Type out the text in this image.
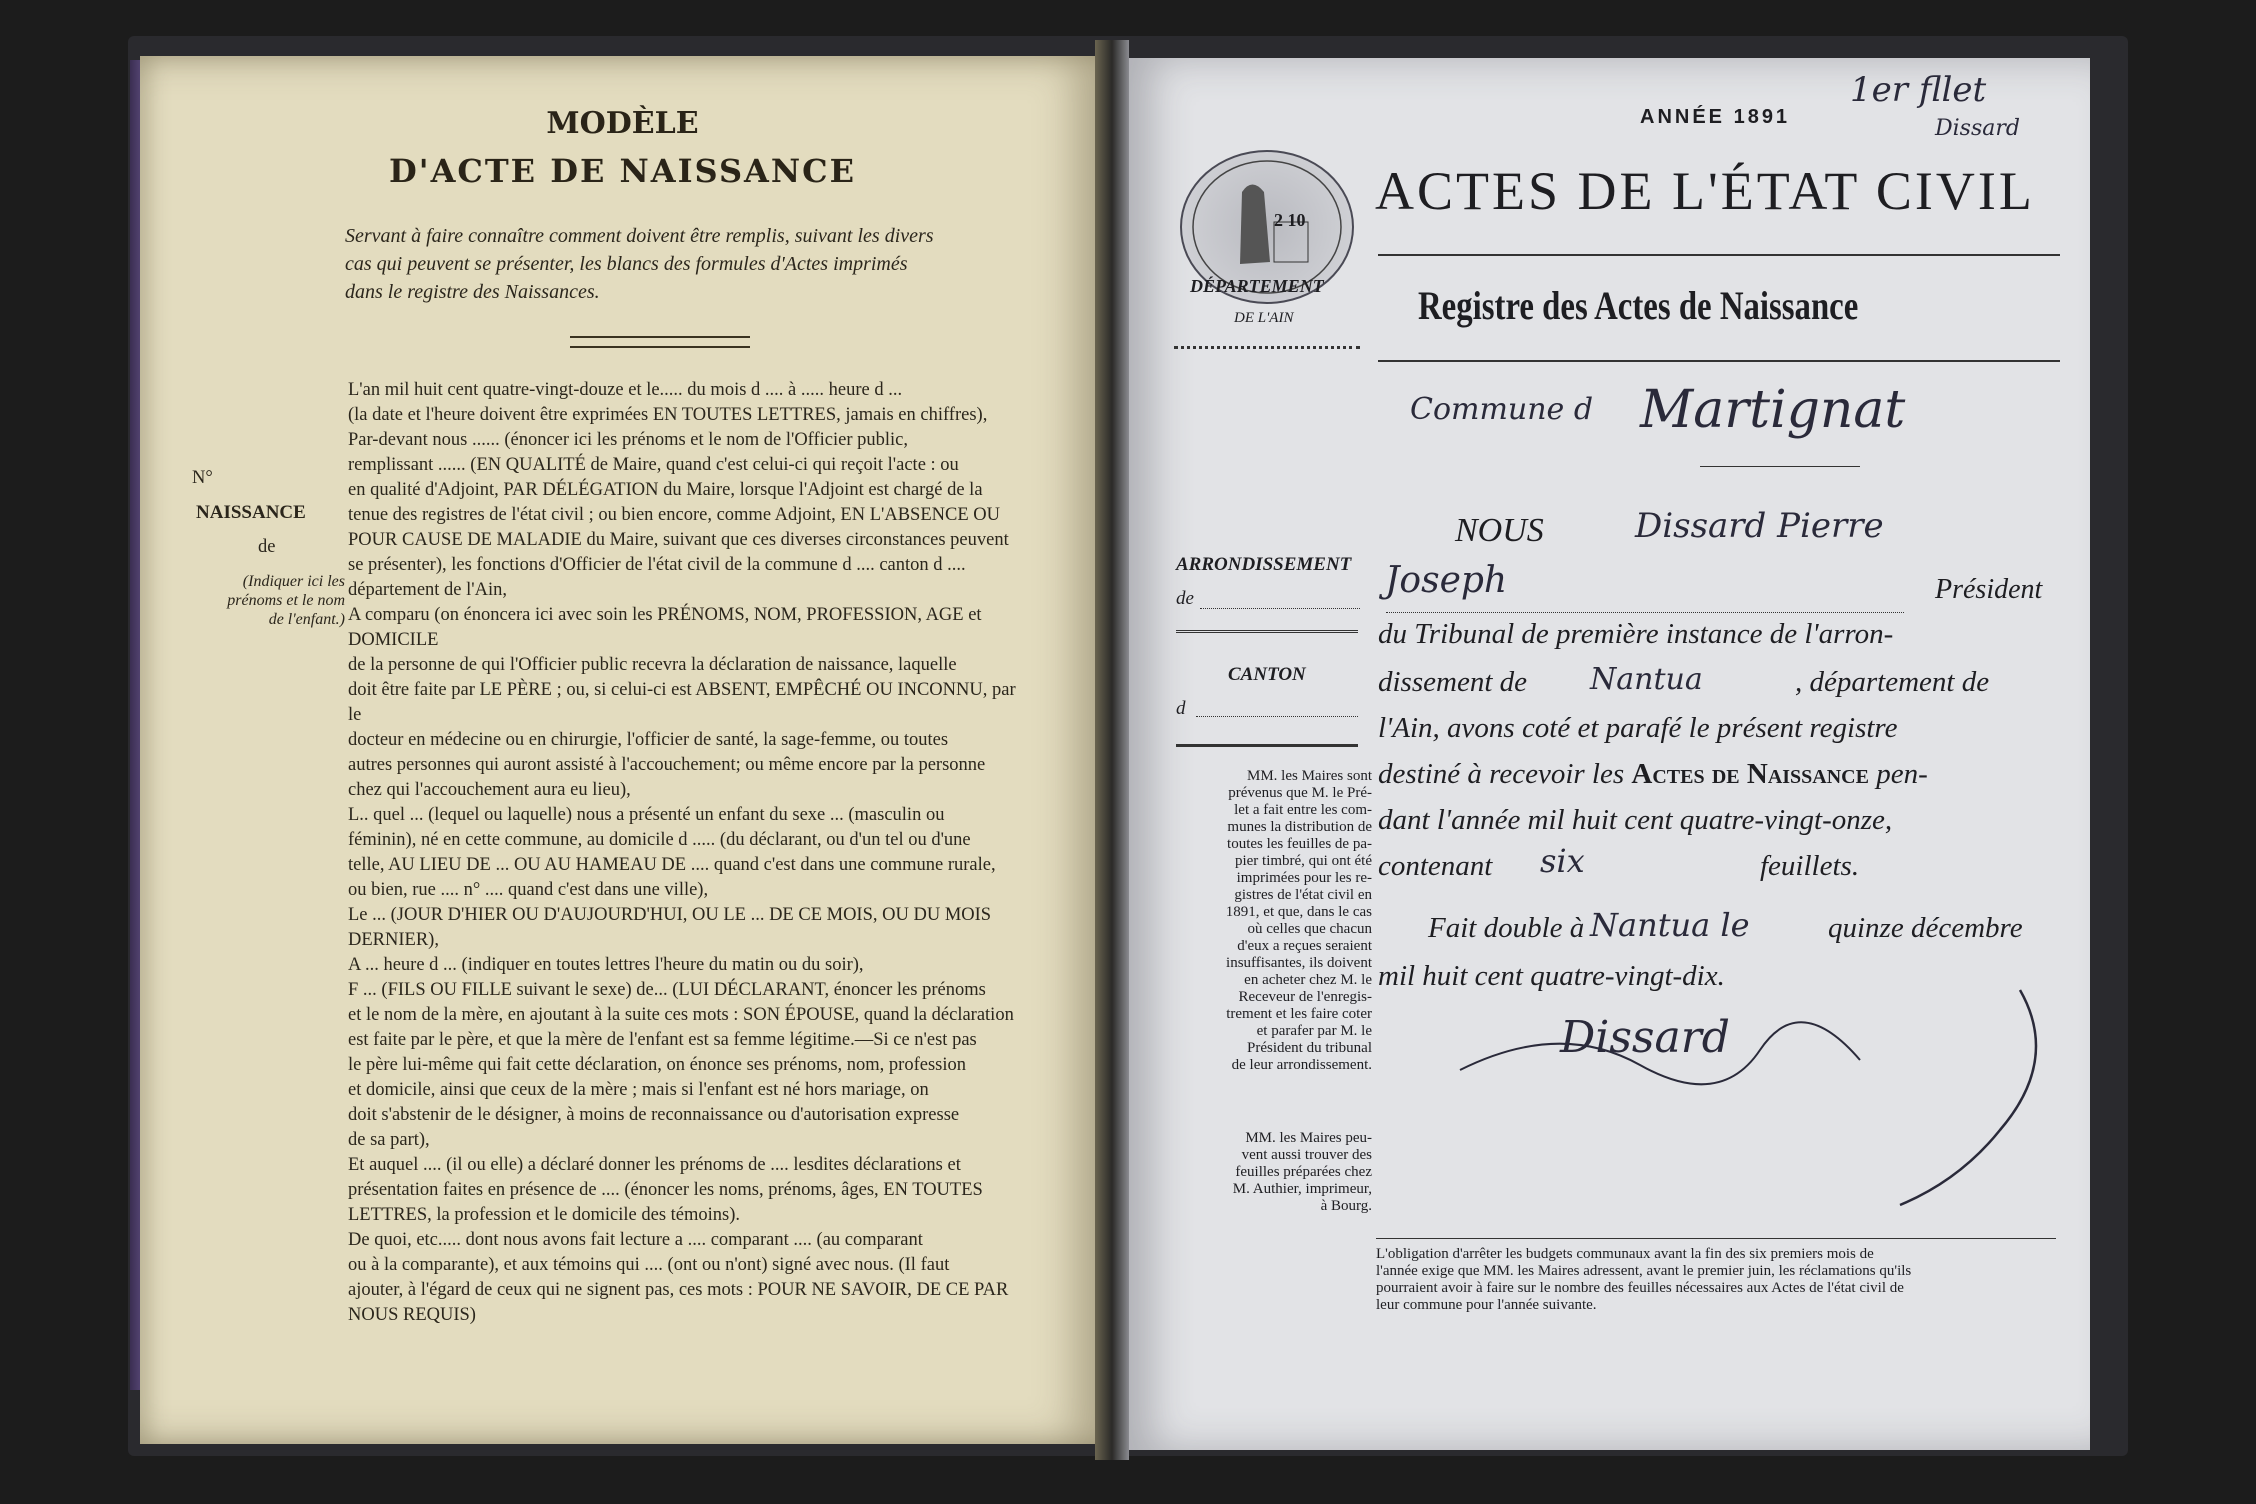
MODÈLE
D'ACTE DE NAISSANCE
Servant à faire connaître comment doivent être remplis, suivant les divers
cas qui peuvent se présenter, les blancs des formules d'Actes imprimés
dans le registre des Naissances.
N°
NAISSANCE
de
(Indiquer ici les
prénoms et le nom
de l'enfant.)
L'an mil huit cent quatre-vingt-douze et le..... du mois d .... à ..... heure d ...
(la date et l'heure doivent être exprimées EN TOUTES LETTRES, jamais en chiffres),
Par-devant nous ...... (énoncer ici les prénoms et le nom de l'Officier public,
remplissant ...... (EN QUALITÉ de Maire, quand c'est celui-ci qui reçoit l'acte : ou
en qualité d'Adjoint, PAR DÉLÉGATION du Maire, lorsque l'Adjoint est chargé de la
tenue des registres de l'état civil ; ou bien encore, comme Adjoint, EN L'ABSENCE OU
POUR CAUSE DE MALADIE du Maire, suivant que ces diverses circonstances peuvent
se présenter), les fonctions d'Officier de l'état civil de la commune d .... canton d ....
département de l'Ain,
A comparu (on énoncera ici avec soin les PRÉNOMS, NOM, PROFESSION, AGE et DOMICILE
de la personne de qui l'Officier public recevra la déclaration de naissance, laquelle
doit être faite par LE PÈRE ; ou, si celui-ci est ABSENT, EMPÊCHÉ OU INCONNU, par le
docteur en médecine ou en chirurgie, l'officier de santé, la sage-femme, ou toutes
autres personnes qui auront assisté à l'accouchement; ou même encore par la personne
chez qui l'accouchement aura eu lieu),
L.. quel ... (lequel ou laquelle) nous a présenté un enfant du sexe ... (masculin ou
féminin), né en cette commune, au domicile d ..... (du déclarant, ou d'un tel ou d'une
telle, AU LIEU DE ... OU AU HAMEAU DE .... quand c'est dans une commune rurale,
ou bien, rue .... n° .... quand c'est dans une ville),
Le ... (JOUR D'HIER OU D'AUJOURD'HUI, OU LE ... DE CE MOIS, OU DU MOIS DERNIER),
A ... heure d ... (indiquer en toutes lettres l'heure du matin ou du soir),
F ... (FILS OU FILLE suivant le sexe) de... (LUI DÉCLARANT, énoncer les prénoms
et le nom de la mère, en ajoutant à la suite ces mots : SON ÉPOUSE, quand la déclaration
est faite par le père, et que la mère de l'enfant est sa femme légitime.—Si ce n'est pas
le père lui-même qui fait cette déclaration, on énonce ses prénoms, nom, profession
et domicile, ainsi que ceux de la mère ; mais si l'enfant est né hors mariage, on
doit s'abstenir de le désigner, à moins de reconnaissance ou d'autorisation expresse
de sa part),
Et auquel .... (il ou elle) a déclaré donner les prénoms de .... lesdites déclarations et
présentation faites en présence de .... (énoncer les noms, prénoms, âges, EN TOUTES
LETTRES, la profession et le domicile des témoins).
De quoi, etc..... dont nous avons fait lecture a .... comparant .... (au comparant
ou à la comparante), et aux témoins qui .... (ont ou n'ont) signé avec nous. (Il faut
ajouter, à l'égard de ceux qui ne signent pas, ces mots : POUR NE SAVOIR, DE CE PAR
NOUS REQUIS)
ANNÉE 1891
1er fllet
Dissard
2 10 ACTES DE L'ÉTAT CIVIL
DÉPARTEMENT
DE L'AIN	Registre des Actes de Naissance
Commune d Martignat
NOUS	Dissard Pierre
ARRONDISSEMENT
de
CANTON
d
Joseph	Président
du Tribunal de première instance de l'arron-
dissement de Nantua	, département de
l'Ain, avons coté et parafé le présent registre
destiné à recevoir les Actes de Naissance pen-
dant l'année mil huit cent quatre-vingt-onze,
contenant six	feuillets.
Fait double à Nantua le	quinze décembre
mil huit cent quatre-vingt-dix.
Dissard
MM. les Maires sont
prévenus que M. le Pré-
let a fait entre les com-
munes la distribution de
toutes les feuilles de pa-
pier timbré, qui ont été
imprimées pour les re-
gistres de l'état civil en
1891, et que, dans le cas
où celles que chacun
d'eux a reçues seraient
insuffisantes, ils doivent
en acheter chez M. le
Receveur de l'enregis-
trement et les faire coter
et parafer par M. le
Président du tribunal
de leur arrondissement.
MM. les Maires peu-
vent aussi trouver des
feuilles préparées chez
M. Authier, imprimeur,
à Bourg.
L'obligation d'arrêter les budgets communaux avant la fin des six premiers mois de
l'année exige que MM. les Maires adressent, avant le premier juin, les réclamations qu'ils
pourraient avoir à faire sur le nombre des feuilles nécessaires aux Actes de l'état civil de
leur commune pour l'année suivante.
